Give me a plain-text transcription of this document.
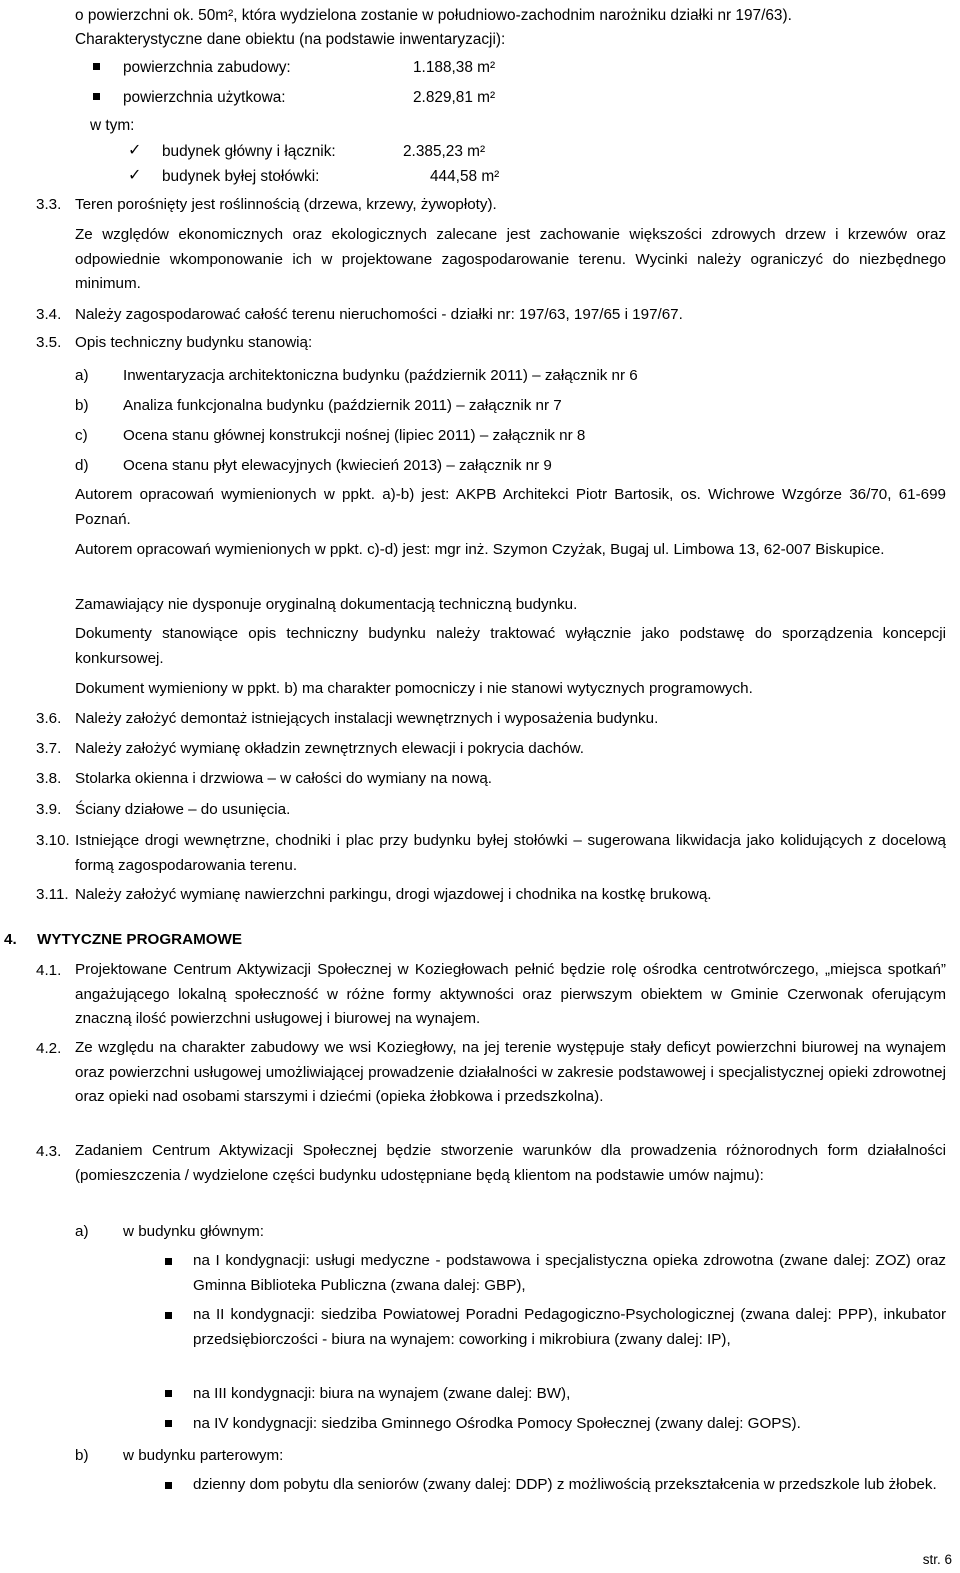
o powierzchni ok. 50m², która wydzielona zostanie w południowo-zachodnim narożniku działki nr 197/63).
Charakterystyczne dane obiektu (na podstawie inwentaryzacji):
powierzchnia zabudowy:	1.188,38 m²
powierzchnia użytkowa:	2.829,81 m²
w tym:
✓ budynek główny i łącznik:	2.385,23 m²
✓ budynek byłej stołówki:	444,58 m²
3.3. Teren porośnięty jest roślinnością (drzewa, krzewy, żywopłoty).
Ze względów ekonomicznych oraz ekologicznych zalecane jest zachowanie większości zdrowych drzew i krzewów oraz odpowiednie wkomponowanie ich w projektowane zagospodarowanie terenu. Wycinki należy ograniczyć do niezbędnego minimum.
3.4. Należy zagospodarować całość terenu nieruchomości - działki nr: 197/63, 197/65 i 197/67.
3.5. Opis techniczny budynku stanowią:
a) Inwentaryzacja architektoniczna budynku (październik 2011) – załącznik nr 6
b) Analiza funkcjonalna budynku (październik 2011) – załącznik nr 7
c) Ocena stanu głównej konstrukcji nośnej (lipiec 2011) – załącznik nr 8
d) Ocena stanu płyt elewacyjnych (kwiecień 2013) – załącznik nr 9
Autorem opracowań wymienionych w ppkt. a)-b) jest: AKPB Architekci Piotr Bartosik, os. Wichrowe Wzgórze 36/70, 61-699 Poznań.
Autorem opracowań wymienionych w ppkt. c)-d) jest: mgr inż. Szymon Czyżak, Bugaj ul. Limbowa 13, 62-007 Biskupice.
Zamawiający nie dysponuje oryginalną dokumentacją techniczną budynku.
Dokumenty stanowiące opis techniczny budynku należy traktować wyłącznie jako podstawę do sporządzenia koncepcji konkursowej.
Dokument wymieniony w ppkt. b) ma charakter pomocniczy i nie stanowi wytycznych programowych.
3.6. Należy założyć demontaż istniejących instalacji wewnętrznych i wyposażenia budynku.
3.7. Należy założyć wymianę okładzin zewnętrznych elewacji i pokrycia dachów.
3.8. Stolarka okienna i drzwiowa – w całości do wymiany na nową.
3.9. Ściany działowe – do usunięcia.
3.10. Istniejące drogi wewnętrzne, chodniki i plac przy budynku byłej stołówki – sugerowana likwidacja jako kolidujących z docelową formą zagospodarowania terenu.
3.11. Należy założyć wymianę nawierzchni parkingu, drogi wjazdowej i chodnika na kostkę brukową.
4. WYTYCZNE PROGRAMOWE
4.1. Projektowane Centrum Aktywizacji Społecznej w Koziegłowach pełnić będzie rolę ośrodka centrotwórczego, „miejsca spotkań” angażującego lokalną społeczność w różne formy aktywności oraz pierwszym obiektem w Gminie Czerwonak oferującym znaczną ilość powierzchni usługowej i biurowej na wynajem.
4.2. Ze względu na charakter zabudowy we wsi Koziegłowy, na jej terenie występuje stały deficyt powierzchni biurowej na wynajem oraz powierzchni usługowej umożliwiającej prowadzenie działalności w zakresie podstawowej i specjalistycznej opieki zdrowotnej oraz opieki nad osobami starszymi i dziećmi (opieka żłobkowa i przedszkolna).
4.3. Zadaniem Centrum Aktywizacji Społecznej będzie stworzenie warunków dla prowadzenia różnorodnych form działalności (pomieszczenia / wydzielone części budynku udostępniane będą klientom na podstawie umów najmu):
a) w budynku głównym:
na I kondygnacji: usługi medyczne - podstawowa i specjalistyczna opieka zdrowotna (zwane dalej: ZOZ) oraz Gminna Biblioteka Publiczna (zwana dalej: GBP),
na II kondygnacji: siedziba Powiatowej Poradni Pedagogiczno-Psychologicznej (zwana dalej: PPP), inkubator przedsiębiorczości - biura na wynajem: coworking i mikrobiura (zwany dalej: IP),
na III kondygnacji: biura na wynajem (zwane dalej: BW),
na IV kondygnacji: siedziba Gminnego Ośrodka Pomocy Społecznej (zwany dalej: GOPS).
b) w budynku parterowym:
dzienny dom pobytu dla seniorów (zwany dalej: DDP) z możliwością przekształcenia w przedszkole lub żłobek.
str. 6
